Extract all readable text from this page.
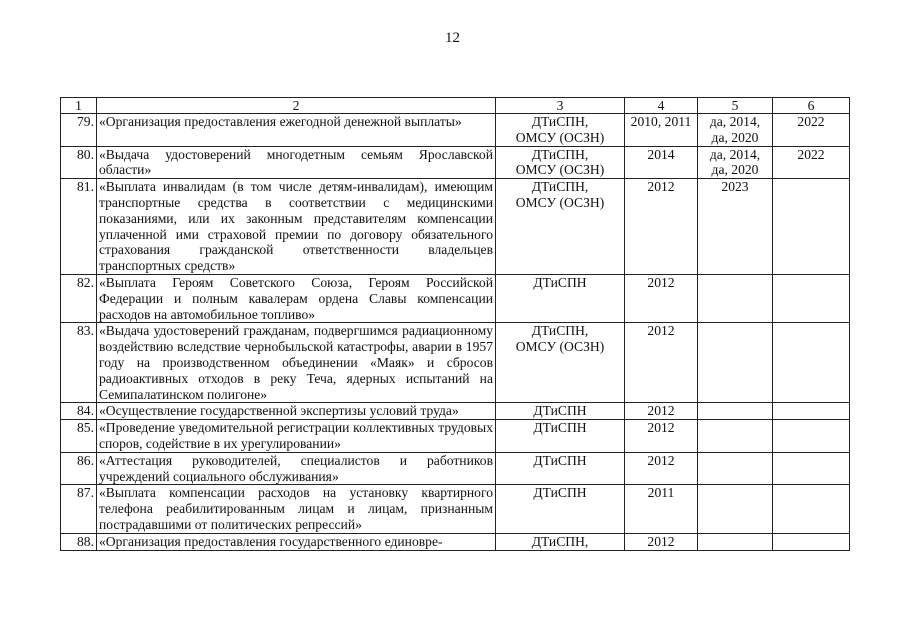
12
1	2	3	4	5	6
79.	«Организация предоставления ежегодной денежной выплаты»	ДТиСПН,
ОМСУ (ОСЗН)	2010, 2011	да, 2014,
да, 2020	2022
80.	«Выдача удостоверений многодетным семьям Ярославской области»	ДТиСПН,
ОМСУ (ОСЗН)	2014	да, 2014,
да, 2020	2022
81.	«Выплата инвалидам (в том числе детям-инвалидам), имеющим транспортные средства в соответствии с медицинскими показаниями, или их законным представителям компенсации уплаченной ими страховой премии по договору обязательного страхования гражданской ответственности владельцев транспортных средств»	ДТиСПН,
ОМСУ (ОСЗН)	2012	2023	
82.	«Выплата Героям Советского Союза, Героям Российской Федерации и полным кавалерам ордена Славы компенсации расходов на автомобильное топливо»	ДТиСПН	2012		
83.	«Выдача удостоверений гражданам, подвергшимся радиационному воздействию вследствие чернобыльской катастрофы, аварии в 1957 году на производственном объединении «Маяк» и сбросов радиоактивных отходов в реку Теча, ядерных испытаний на Семипалатинском полигоне»	ДТиСПН,
ОМСУ (ОСЗН)	2012		
84.	«Осуществление государственной экспертизы условий труда»	ДТиСПН	2012		
85.	«Проведение уведомительной регистрации коллективных трудовых споров, содействие в их урегулировании»	ДТиСПН	2012		
86.	«Аттестация руководителей, специалистов и работников учреждений социального обслуживания»	ДТиСПН	2012		
87.	«Выплата компенсации расходов на установку квартирного телефона реабилитированным лицам и лицам, признанным пострадавшими от политических репрессий»	ДТиСПН	2011		
88.	«Организация предоставления государственного единовре-	ДТиСПН,	2012		
